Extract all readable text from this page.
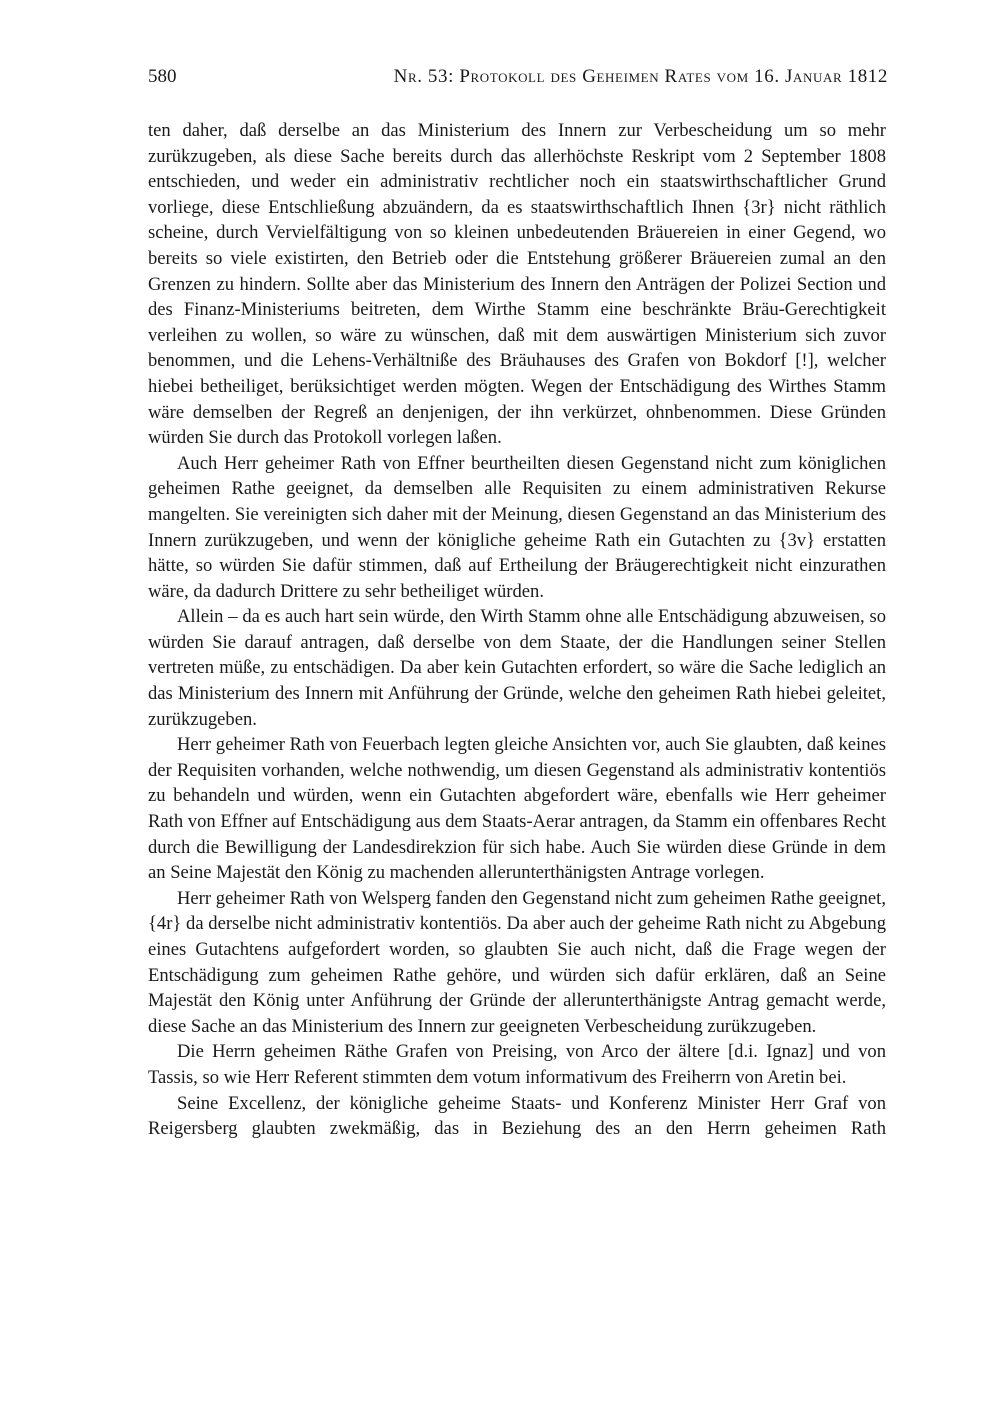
580	Nr. 53: Protokoll des Geheimen Rates vom 16. Januar 1812

ten daher, daß derselbe an das Ministerium des Innern zur Verbescheidung um so mehr zurükzugeben, als diese Sache bereits durch das allerhöchste Reskript vom 2 September 1808 entschieden, und weder ein administrativ rechtlicher noch ein staatswirthschaftlicher Grund vorliege, diese Entschließung abzuändern, da es staatswirthschaftlich Ihnen {3r} nicht räthlich scheine, durch Vervielfältigung von so kleinen unbedeutenden Bräuereien in einer Gegend, wo bereits so viele existirten, den Betrieb oder die Entstehung größerer Bräuereien zumal an den Grenzen zu hindern. Sollte aber das Ministerium des Innern den Anträgen der Polizei Section und des Finanz-Ministeriums beitreten, dem Wirthe Stamm eine beschränkte Bräu-Gerechtigkeit verleihen zu wollen, so wäre zu wünschen, daß mit dem auswärtigen Ministerium sich zuvor benommen, und die Lehens-Verhältniße des Bräuhauses des Grafen von Bokdorf [!], welcher hiebei betheiliget, berüksichtiget werden mögten. Wegen der Entschädigung des Wirthes Stamm wäre demselben der Regreß an denjenigen, der ihn verkürzet, ohnbenommen. Diese Gründen würden Sie durch das Protokoll vorlegen laßen.

Auch Herr geheimer Rath von Effner beurtheilten diesen Gegenstand nicht zum königlichen geheimen Rathe geeignet, da demselben alle Requisiten zu einem administrativen Rekurse mangelten. Sie vereinigten sich daher mit der Meinung, diesen Gegenstand an das Ministerium des Innern zurükzugeben, und wenn der königliche geheime Rath ein Gutachten zu {3v} erstatten hätte, so würden Sie dafür stimmen, daß auf Ertheilung der Bräugerechtigkeit nicht einzurathen wäre, da dadurch Drittere zu sehr betheiliget würden.

Allein – da es auch hart sein würde, den Wirth Stamm ohne alle Entschädigung abzuweisen, so würden Sie darauf antragen, daß derselbe von dem Staate, der die Handlungen seiner Stellen vertreten müße, zu entschädigen. Da aber kein Gutachten erfordert, so wäre die Sache lediglich an das Ministerium des Innern mit Anführung der Gründe, welche den geheimen Rath hiebei geleitet, zurükzugeben.

Herr geheimer Rath von Feuerbach legten gleiche Ansichten vor, auch Sie glaubten, daß keines der Requisiten vorhanden, welche nothwendig, um diesen Gegenstand als administrativ kontentiös zu behandeln und würden, wenn ein Gutachten abgefordert wäre, ebenfalls wie Herr geheimer Rath von Effner auf Entschädigung aus dem Staats-Aerar antragen, da Stamm ein offenbares Recht durch die Bewilligung der Landesdirekzion für sich habe. Auch Sie würden diese Gründe in dem an Seine Majestät den König zu machenden allerunterthänigsten Antrage vorlegen.

Herr geheimer Rath von Welsperg fanden den Gegenstand nicht zum geheimen Rathe geeignet, {4r} da derselbe nicht administrativ kontentiös. Da aber auch der geheime Rath nicht zu Abgebung eines Gutachtens aufgefordert worden, so glaubten Sie auch nicht, daß die Frage wegen der Entschädigung zum geheimen Rathe gehöre, und würden sich dafür erklären, daß an Seine Majestät den König unter Anführung der Gründe der allerunterthänigste Antrag gemacht werde, diese Sache an das Ministerium des Innern zur geeigneten Verbescheidung zurükzugeben.

Die Herrn geheimen Räthe Grafen von Preising, von Arco der ältere [d.i. Ignaz] und von Tassis, so wie Herr Referent stimmten dem votum informativum des Freiherrn von Aretin bei.

Seine Excellenz, der königliche geheime Staats- und Konferenz Minister Herr Graf von Reigersberg glaubten zwekmäßig, das in Beziehung des an den Herrn geheimen Rath
